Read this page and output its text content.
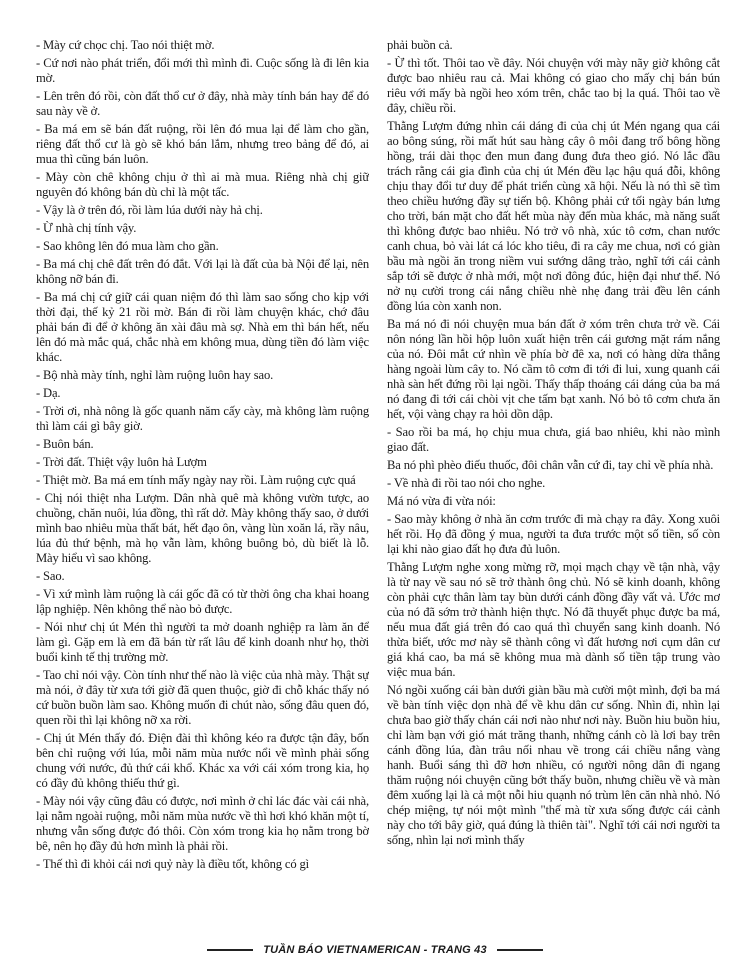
- Mày cứ chọc chị. Tao nói thiệt mờ.

- Cứ nơi nào phát triển, đổi mới thì mình đi. Cuộc sống là đi lên kia mờ.

- Lên trên đó rồi, còn đất thổ cư ở đây, nhà mày tính bán hay để đó sau này về ở.

- Ba má em sẽ bán đất ruộng, rồi lên đó mua lại để làm cho gần, riêng đất thổ cư là gò sẽ khó bán lắm, nhưng treo bảng để đó, ai mua thì cũng bán luôn.

- Mày còn chê không chịu ở thì ai mà mua. Riêng nhà chị giữ nguyên đó không bán dù chỉ là một tấc.

- Vậy là ở trên đó, rồi làm lúa dưới này hả chị.

- Ừ nhà chị tính vậy.

- Sao không lên đó mua làm cho gần.

- Ba má chị chê đất trên đó đắt. Với lại là đất của bà Nội để lại, nên không nỡ bán đi.

- Ba má chị cứ giữ cái quan niệm đó thì làm sao sống cho kịp với thời đại, thế kỷ 21 rồi mờ. Bán đi rồi làm chuyện khác, chớ đâu phải bán đi để ở không ăn xài đâu mà sợ. Nhà em thì bán hết, nếu lên đó mà mắc quá, chắc nhà em không mua, dùng tiền đó làm việc khác.

- Bộ nhà mày tính, nghỉ làm ruộng luôn hay sao.

- Dạ.

- Trời ơi, nhà nông là gốc quanh năm cấy cày, mà không làm ruộng thì làm cái gì bây giờ.

- Buôn bán.

- Trời đất. Thiệt vậy luôn hả Lượm

- Thiệt mờ. Ba má em tính mấy ngày nay rồi. Làm ruộng cực quá

- Chị nói thiệt nha Lượm. Dân nhà quê mà không vườn tược, ao chuồng, chăn nuôi, lúa đồng, thì rất dở. Mày không thấy sao, ở dưới mình bao nhiêu mùa thất bát, hết đạo ôn, vàng lùn xoăn lá, rầy nâu, lúa đủ thứ bệnh, mà họ vẫn làm, không buông bỏ, dù biết là lỗ. Mày hiểu vì sao không.

- Sao.

- Vì xứ mình làm ruộng là cái gốc đã có từ thời ông cha khai hoang lập nghiệp. Nên không thể nào bỏ được.

- Nói như chị út Mén thì người ta mở doanh nghiệp ra làm ăn để làm gì. Gặp em là em đã bán từ rất lâu để kinh doanh như họ, thời buổi kinh tế thị trường mờ.

- Tao chỉ nói vậy. Còn tính như thế nào là việc của nhà mày. Thật sự mà nói, ở đây từ xưa tới giờ đã quen thuộc, giờ đi chỗ khác thấy nó cứ buồn buồn làm sao. Không muốn đi chút nào, sống đâu quen đó, quen rồi thì lại không nỡ xa rời.

- Chị út Mén thấy đó. Điện đài thì không kéo ra được tận đây, bốn bên chỉ ruộng với lúa, mỗi năm mùa nước nổi về mình phải sống chung với nước, đủ thứ cái khổ. Khác xa với cái xóm trong kia, họ có đầy đủ không thiếu thứ gì.

- Mày nói vậy cũng đâu có được, nơi mình ở chỉ lác đác vài cái nhà, lại nằm ngoài ruộng, mỗi năm mùa nước về thì hơi khó khăn một tí, nhưng vẫn sống được đó thôi. Còn xóm trong kia họ nằm trong bờ bê, nên họ đầy đủ hơn mình là phải rồi.

- Thế thì đi khỏi cái nơi quỷ này là điều tốt, không có gì

phải buồn cả.

- Ừ thì tốt. Thôi tao về đây. Nói chuyện với mày nãy giờ không cắt được bao nhiêu rau cả. Mai không có giao cho mấy chị bán bún riêu với mấy bà ngồi heo xóm trên, chắc tao bị la quá. Thôi tao về đây, chiều rồi.

Thằng Lượm đứng nhìn cái dáng đi của chị út Mén ngang qua cái ao bông súng, rồi mất hút sau hàng cây ô môi đang trổ bông hồng hồng, trái dài thọc đen mun đang đung đưa theo gió. Nó lắc đầu trách rằng cái gia đình của chị út Mén đều lạc hậu quá đỗi, không chịu thay đổi tư duy để phát triển cùng xã hội. Nếu là nó thì sẽ tìm theo chiều hướng đầy sự tiến bộ. Không phải cứ tối ngày bán lưng cho trời, bán mặt cho đất hết mùa này đến mùa khác, mà năng suất thì không được bao nhiêu. Nó trở vô nhà, xúc tô cơm, chan nước canh chua, bỏ vài lát cá lóc kho tiêu, đi ra cây me chua, nơi có giàn bầu mà ngồi ăn trong niềm vui sướng dâng trào, nghĩ tới cái cảnh sắp tới sẽ được ở nhà mới, một nơi đông đúc, hiện đại như thế. Nó nở nụ cười trong cái nắng chiều nhè nhẹ đang trải đều lên cánh đồng lúa còn xanh non.

Ba má nó đi nói chuyện mua bán đất ở xóm trên chưa trở về. Cái nôn nóng lần hồi hộp luôn xuất hiện trên cái gương mặt rám nắng của nó. Đôi mắt cứ nhìn về phía bờ đê xa, nơi có hàng dừa thẳng hàng ngoài lùm cây to. Nó cầm tô cơm đi tới đi lui, xung quanh cái nhà sàn hết đứng rồi lại ngồi. Thấy thấp thoáng cái dáng của ba má nó đang đi tới cái chòi vịt che tấm bạt xanh. Nó bỏ tô cơm chưa ăn hết, vội vàng chạy ra hỏi dồn dập.

- Sao rồi ba má, họ chịu mua chưa, giá bao nhiêu, khi nào mình giao đất.

Ba nó phì phèo điếu thuốc, đôi chân vẫn cứ đi, tay chỉ về phía nhà.

- Về nhà đi rồi tao nói cho nghe.

Má nó vừa đi vừa nói:

- Sao mày không ở nhà ăn cơm trước đi mà chạy ra đây. Xong xuôi hết rồi. Họ đã đồng ý mua, người ta đưa trước một số tiền, số còn lại khi nào giao đất họ đưa đủ luôn.

Thằng Lượm nghe xong mừng rỡ, mọi mạch chạy về tận nhà, vậy là từ nay về sau nó sẽ trở thành ông chủ. Nó sẽ kinh doanh, không còn phải cực thân làm tay bùn dưới cánh đồng đầy vất vả. Ước mơ của nó đã sớm trở thành hiện thực. Nó đã thuyết phục được ba má, nếu mua đất giá trên đó cao quá thì chuyển sang kinh doanh. Nó thừa biết, ước mơ này sẽ thành công vì đất hương nơi cụm dân cư giá khá cao, ba má sẽ không mua mà dành số tiền tập trung vào việc mua bán.

Nó ngồi xuống cái bàn dưới giàn bầu mà cười một mình, đợi ba má về bàn tính việc dọn nhà để về khu dân cư sống. Nhìn đi, nhìn lại chưa bao giờ thấy chán cái nơi nào như nơi này. Buồn hiu buồn hiu, chỉ làm bạn với gió mát trăng thanh, những cánh cò là lơi bay trên cánh đồng lúa, đàn trâu nối nhau về trong cái chiều nắng vàng hanh. Buổi sáng thì đỡ hơn nhiều, có người nông dân đi ngang thăm ruộng nói chuyện cũng bớt thấy buồn, nhưng chiều về và màn đêm xuống lại là cả một nỗi hiu quạnh nó trùm lên căn nhà nhỏ. Nó chép miệng, tự nói một mình "thế mà từ xưa sống được cái cảnh này cho tới bây giờ, quá đúng là thiên tài". Nghĩ tới cái nơi người ta sống, nhìn lại nơi mình thấy

TUẦN BÁO VIETNAMERICAN - TRANG 43
